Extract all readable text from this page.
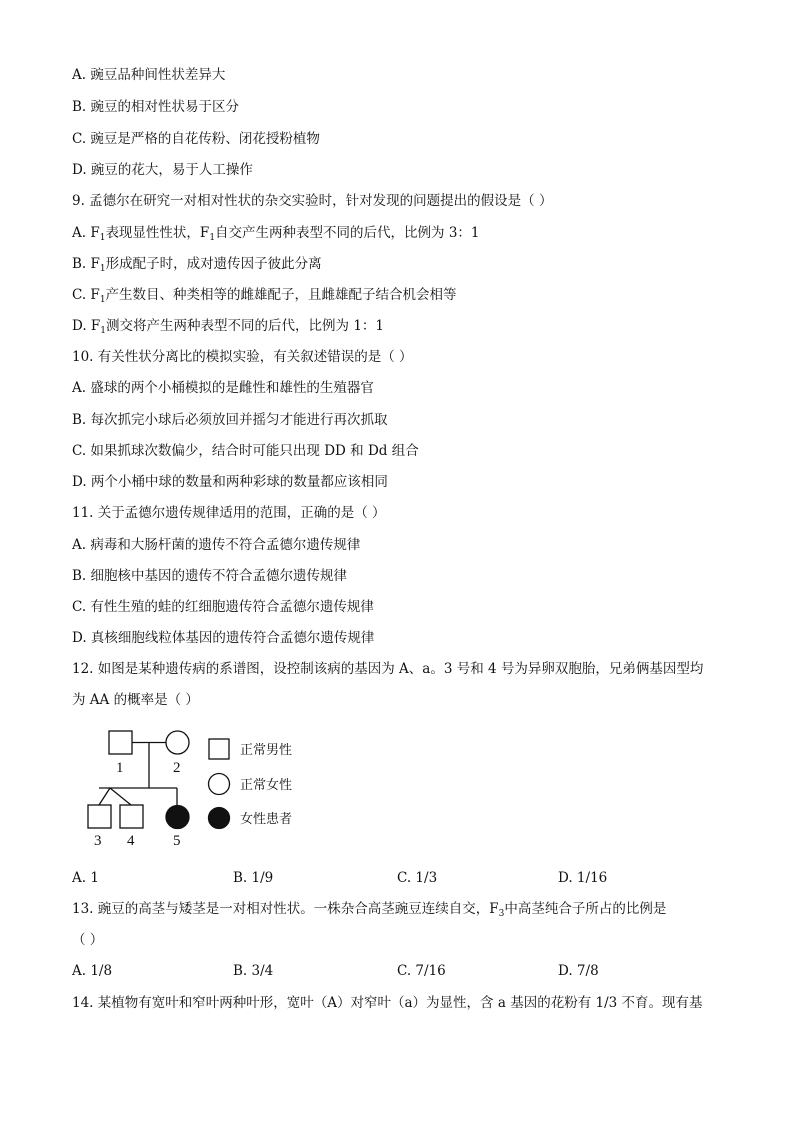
A. 豌豆品种间性状差异大
B. 豌豆的相对性状易于区分
C. 豌豆是严格的自花传粉、闭花授粉植物
D. 豌豆的花大，易于人工操作
9. 孟德尔在研究一对相对性状的杂交实验时，针对发现的问题提出的假设是（ ）
A. $F_1$表现显性性状，$F_1$自交产生两种表型不同的后代，比例为 3：1
B. $F_1$形成配子时，成对遗传因子彼此分离
C. $F_1$产生数目、种类相等的雌雄配子，且雌雄配子结合机会相等
D. $F_1$测交将产生两种表型不同的后代，比例为 1：1
10. 有关性状分离比的模拟实验，有关叙述错误的是（ ）
A. 盛球的两个小桶模拟的是雌性和雄性的生殖器官
B. 每次抓完小球后必须放回并摇匀才能进行再次抓取
C. 如果抓球次数偏少，结合时可能只出现 DD 和 Dd 组合
D. 两个小桶中球的数量和两种彩球的数量都应该相同
11. 关于孟德尔遗传规律适用的范围，正确的是（ ）
A. 病毒和大肠杆菌的遗传不符合孟德尔遗传规律
B. 细胞核中基因的遗传不符合孟德尔遗传规律
C. 有性生殖的蛙的红细胞遗传符合孟德尔遗传规律
D. 真核细胞线粒体基因的遗传符合孟德尔遗传规律
12. 如图是某种遗传病的系谱图，设控制该病的基因为 A、a。3 号和 4 号为异卵双胞胎，兄弟俩基因型均
为 AA 的概率是（ ）
1	2
3 4	5
正常男性
正常女性
女性患者
A. 1	B. 1/9	C. 1/3	D. 1/16
13. 豌豆的高茎与矮茎是一对相对性状。一株杂合高茎豌豆连续自交，$F_3$中高茎纯合子所占的比例是
（ ）
A. 1/8	B. 3/4	C. 7/16	D. 7/8
14. 某植物有宽叶和窄叶两种叶形，宽叶（A）对窄叶（a）为显性，含 a 基因的花粉有 1/3 不育。现有基
